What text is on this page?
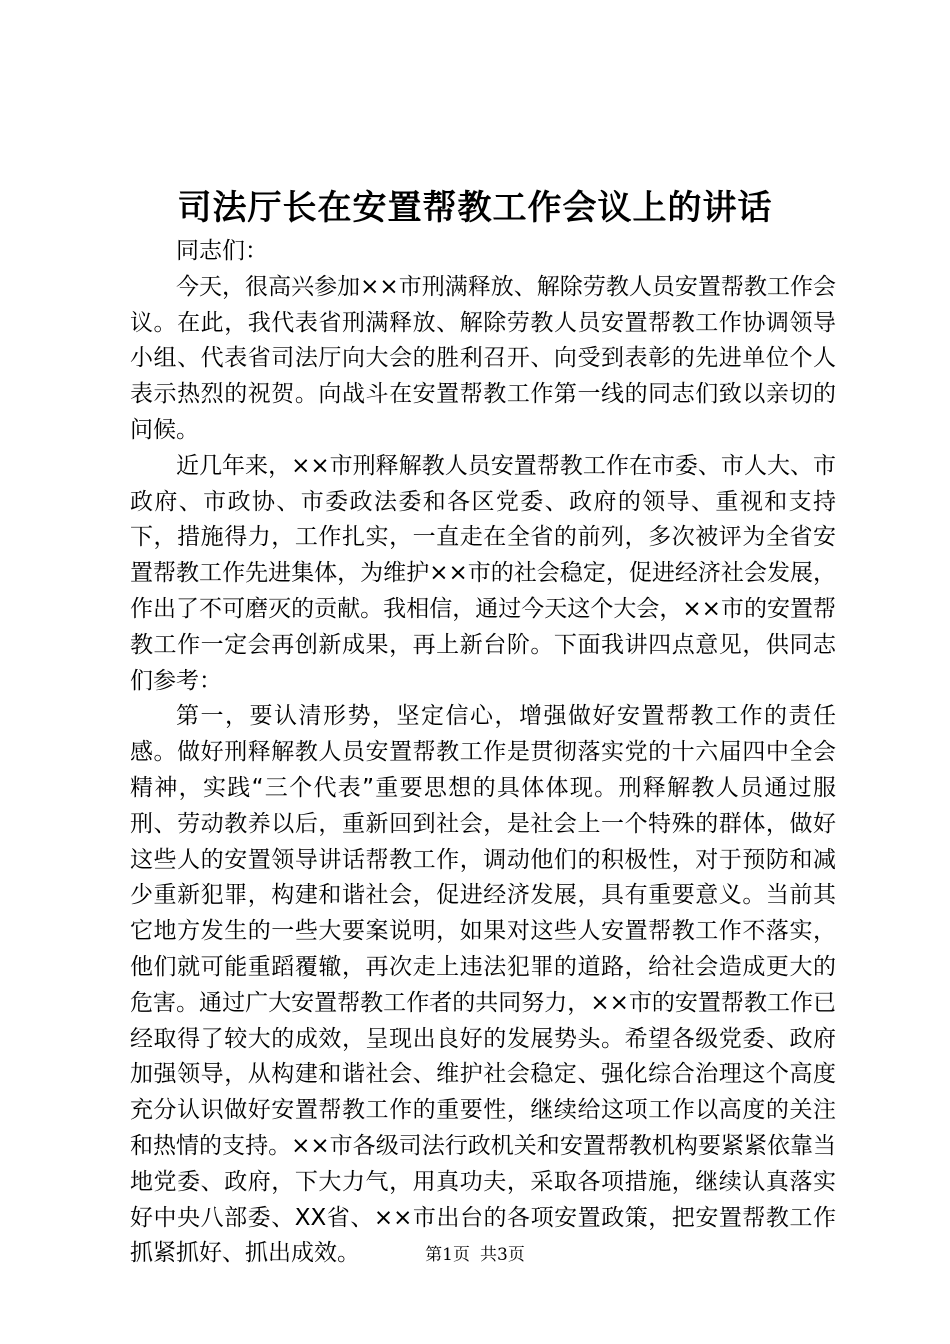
司法厅长在安置帮教工作会议上的讲话

同志们：

今天，很高兴参加××市刑满释放、解除劳教人员安置帮教工作会议。在此，我代表省刑满释放、解除劳教人员安置帮教工作协调领导小组、代表省司法厅向大会的胜利召开、向受到表彰的先进单位个人表示热烈的祝贺。向战斗在安置帮教工作第一线的同志们致以亲切的问候。

近几年来，××市刑释解教人员安置帮教工作在市委、市人大、市政府、市政协、市委政法委和各区党委、政府的领导、重视和支持下，措施得力，工作扎实，一直走在全省的前列，多次被评为全省安置帮教工作先进集体，为维护××市的社会稳定，促进经济社会发展，作出了不可磨灭的贡献。我相信，通过今天这个大会，××市的安置帮教工作一定会再创新成果，再上新台阶。下面我讲四点意见，供同志们参考：

第一，要认清形势，坚定信心，增强做好安置帮教工作的责任感。做好刑释解教人员安置帮教工作是贯彻落实党的十六届四中全会精神，实践“三个代表”重要思想的具体体现。刑释解教人员通过服刑、劳动教养以后，重新回到社会，是社会上一个特殊的群体，做好这些人的安置领导讲话帮教工作，调动他们的积极性，对于预防和减少重新犯罪，构建和谐社会，促进经济发展，具有重要意义。当前其它地方发生的一些大要案说明，如果对这些人安置帮教工作不落实，他们就可能重蹈覆辙，再次走上违法犯罪的道路，给社会造成更大的危害。通过广大安置帮教工作者的共同努力，××市的安置帮教工作已经取得了较大的成效，呈现出良好的发展势头。希望各级党委、政府加强领导，从构建和谐社会、维护社会稳定、强化综合治理这个高度充分认识做好安置帮教工作的重要性，继续给这项工作以高度的关注和热情的支持。××市各级司法行政机关和安置帮教机构要紧紧依靠当地党委、政府，下大力气，用真功夫，采取各项措施，继续认真落实好中央八部委、XX省、××市出台的各项安置政策，把安置帮教工作抓紧抓好、抓出成效。	第1页 共3页
